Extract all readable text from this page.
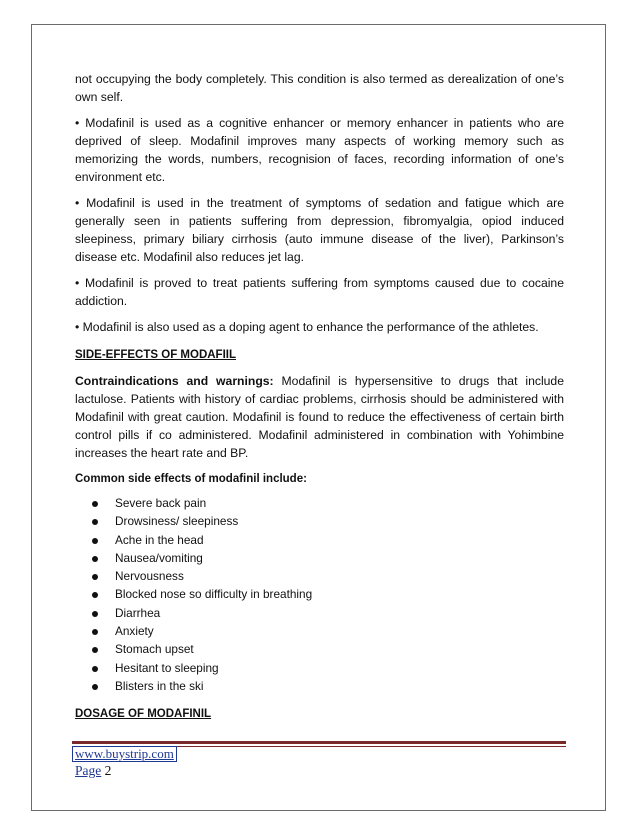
not occupying the body completely. This condition is also termed as derealization of one’s own self.

• Modafinil is used as a cognitive enhancer or memory enhancer in patients who are deprived of sleep. Modafinil improves many aspects of working memory such as memorizing the words, numbers, recognision of faces, recording information of one’s environment etc.

• Modafinil is used in the treatment of symptoms of sedation and fatigue which are generally seen in patients suffering from depression, fibromyalgia, opiod induced sleepiness, primary biliary cirrhosis (auto immune disease of the liver), Parkinson’s disease etc. Modafinil also reduces jet lag.

• Modafinil is proved to treat patients suffering from symptoms caused due to cocaine addiction.

• Modafinil is also used as a doping agent to enhance the performance of the athletes.

SIDE-EFFECTS OF MODAFIIL

Contraindications and warnings: Modafinil is hypersensitive to drugs that include lactulose. Patients with history of cardiac problems, cirrhosis should be administered with Modafinil with great caution. Modafinil is found to reduce the effectiveness of certain birth control pills if co administered. Modafinil administered in combination with Yohimbine increases the heart rate and BP.

Common side effects of modafinil include:
Severe back pain
Drowsiness/ sleepiness
Ache in the head
Nausea/vomiting
Nervousness
Blocked nose so difficulty in breathing
Diarrhea
Anxiety
Stomach upset
Hesitant to sleeping
Blisters in the ski
DOSAGE OF MODAFINIL
www.buystrip.com
Page 2
